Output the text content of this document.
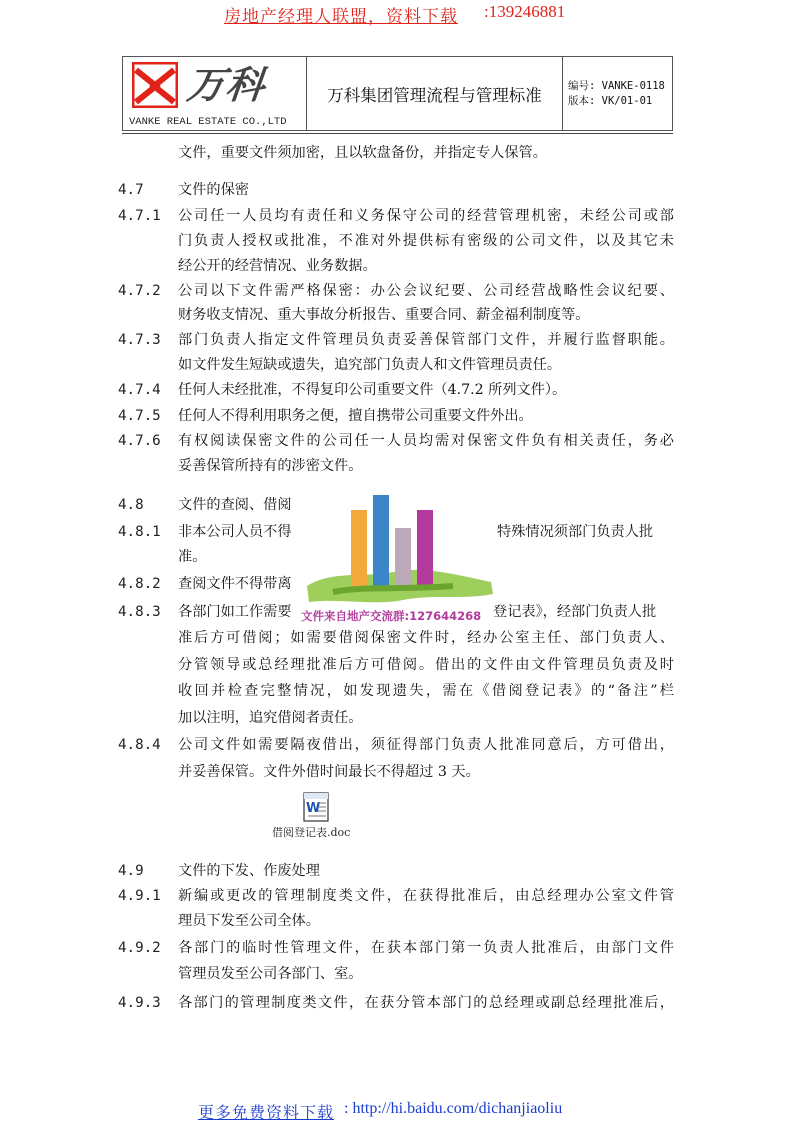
房地产经理人联盟，资料下载 :139246881
万科
VANKE REAL ESTATE CO.,LTD
万科集团管理流程与管理标准	编号: VANKE-0118
版本: VK/01-01
文件，重要文件须加密，且以软盘备份，并指定专人保管。
4.7	文件的保密
4.7.1	公司任一人员均有责任和义务保守公司的经营管理机密，未经公司或部
门负责人授权或批准，不准对外提供标有密级的公司文件，以及其它未
经公开的经营情况、业务数据。
4.7.2	公司以下文件需严格保密：办公会议纪要、公司经营战略性会议纪要、
财务收支情况、重大事故分析报告、重要合同、薪金福利制度等。
4.7.3	部门负责人指定文件管理员负责妥善保管部门文件，并履行监督职能。
如文件发生短缺或遗失，追究部门负责人和文件管理员责任。
4.7.4	任何人未经批准，不得复印公司重要文件（4.7.2 所列文件）。
4.7.5	任何人不得利用职务之便，擅自携带公司重要文件外出。
4.7.6	有权阅读保密文件的公司任一人员均需对保密文件负有相关责任，务必
妥善保管所持有的涉密文件。
4.8	文件的查阅、借阅
4.8.1	非本公司人员不得	特殊情况须部门负责人批
准。
4.8.2	查阅文件不得带离
4.8.3	各部门如工作需要	登记表》，经部门负责人批
准后方可借阅；如需要借阅保密文件时，经办公室主任、部门负责人、
分管领导或总经理批准后方可借阅。借出的文件由文件管理员负责及时
收回并检查完整情况，如发现遗失，需在《借阅登记表》的“备注”栏
加以注明，追究借阅者责任。
4.8.4	公司文件如需要隔夜借出，须征得部门负责人批准同意后，方可借出，
并妥善保管。文件外借时间最长不得超过 3 天。
文件来自地产交流群:127644268
W
借阅登记表.doc
4.9	文件的下发、作废处理
4.9.1	新编或更改的管理制度类文件，在获得批准后，由总经理办公室文件管
理员下发至公司全体。
4.9.2	各部门的临时性管理文件，在获本部门第一负责人批准后，由部门文件
管理员发至公司各部门、室。
4.9.3	各部门的管理制度类文件，在获分管本部门的总经理或副总经理批准后，
更多免费资料下载 : http://hi.baidu.com/dichanjiaoliu
